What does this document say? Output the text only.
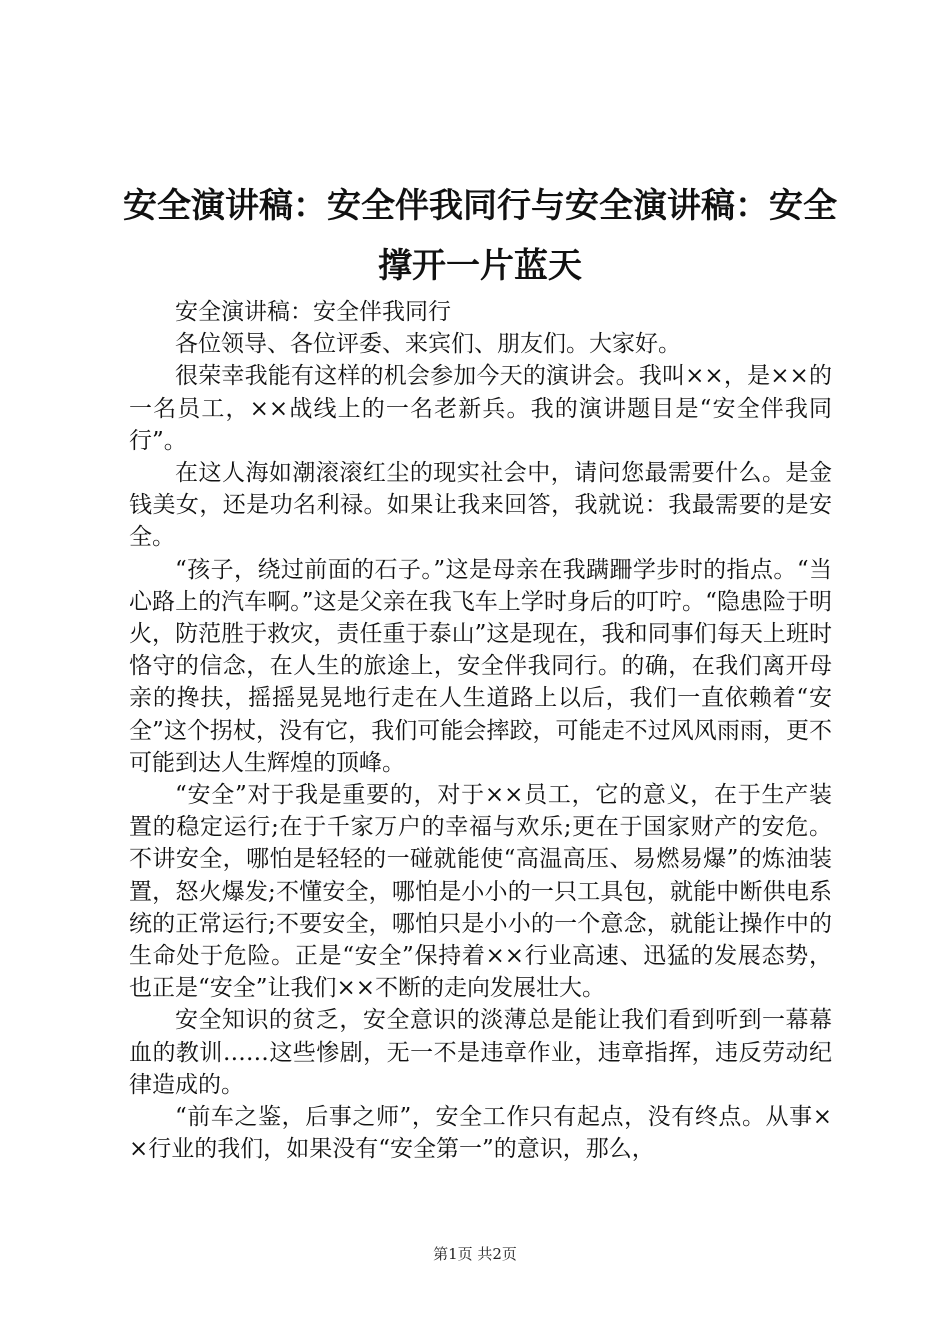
安全演讲稿：安全伴我同行与安全演讲稿：安全撑开一片蓝天

安全演讲稿：安全伴我同行

各位领导、各位评委、来宾们、朋友们。大家好。

很荣幸我能有这样的机会参加今天的演讲会。我叫××，是××的一名员工，××战线上的一名老新兵。我的演讲题目是“安全伴我同行”。

在这人海如潮滚滚红尘的现实社会中，请问您最需要什么。是金钱美女，还是功名利禄。如果让我来回答，我就说：我最需要的是安全。

“孩子，绕过前面的石子。”这是母亲在我蹒跚学步时的指点。“当心路上的汽车啊。”这是父亲在我飞车上学时身后的叮咛。“隐患险于明火，防范胜于救灾，责任重于泰山”这是现在，我和同事们每天上班时恪守的信念，在人生的旅途上，安全伴我同行。的确，在我们离开母亲的搀扶，摇摇晃晃地行走在人生道路上以后，我们一直依赖着“安全”这个拐杖，没有它，我们可能会摔跤，可能走不过风风雨雨，更不可能到达人生辉煌的顶峰。

“安全”对于我是重要的，对于××员工，它的意义，在于生产装置的稳定运行;在于千家万户的幸福与欢乐;更在于国家财产的安危。不讲安全，哪怕是轻轻的一碰就能使“高温高压、易燃易爆”的炼油装置，怒火爆发;不懂安全，哪怕是小小的一只工具包，就能中断供电系统的正常运行;不要安全，哪怕只是小小的一个意念，就能让操作中的生命处于危险。正是“安全”保持着××行业高速、迅猛的发展态势，也正是“安全”让我们××不断的走向发展壮大。

安全知识的贫乏，安全意识的淡薄总是能让我们看到听到一幕幕血的教训……这些惨剧，无一不是违章作业，违章指挥，违反劳动纪律造成的。

“前车之鉴，后事之师”，安全工作只有起点，没有终点。从事××行业的我们，如果没有“安全第一”的意识，那么，

第1页 共2页
